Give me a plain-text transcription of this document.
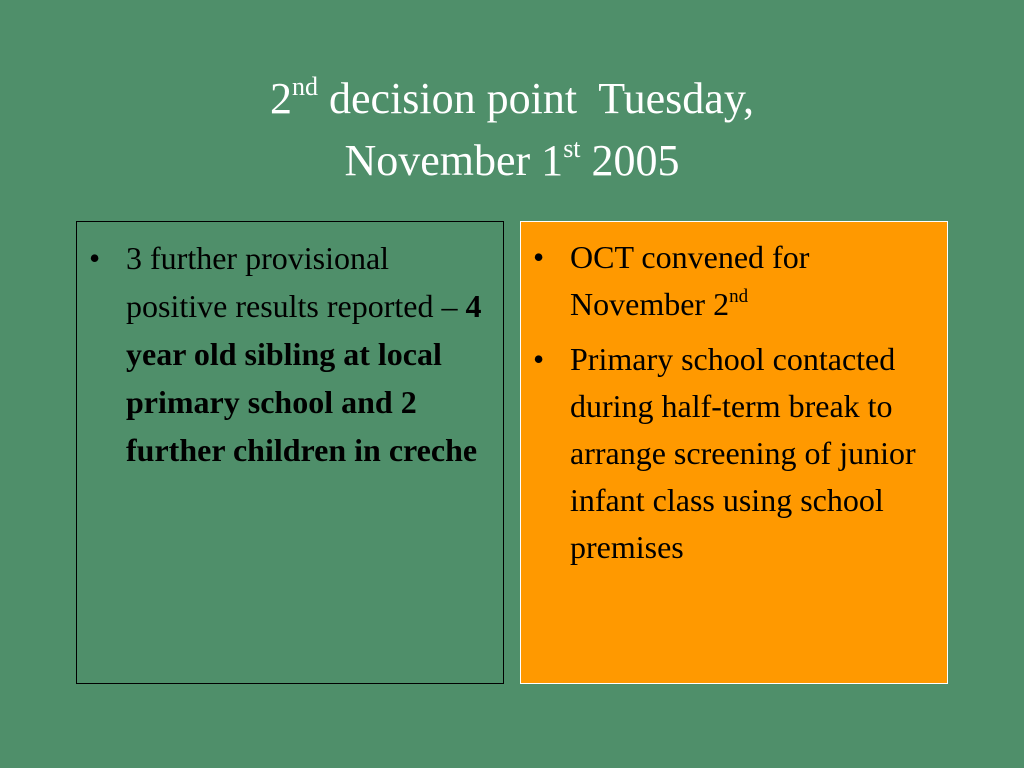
2nd decision point  Tuesday,
November 1st 2005
• 3 further provisional positive results reported – 4 year old sibling at local primary school and 2 further children in creche
• OCT convened for November 2nd
• Primary school contacted during half-term break to arrange screening of junior infant class using school premises
